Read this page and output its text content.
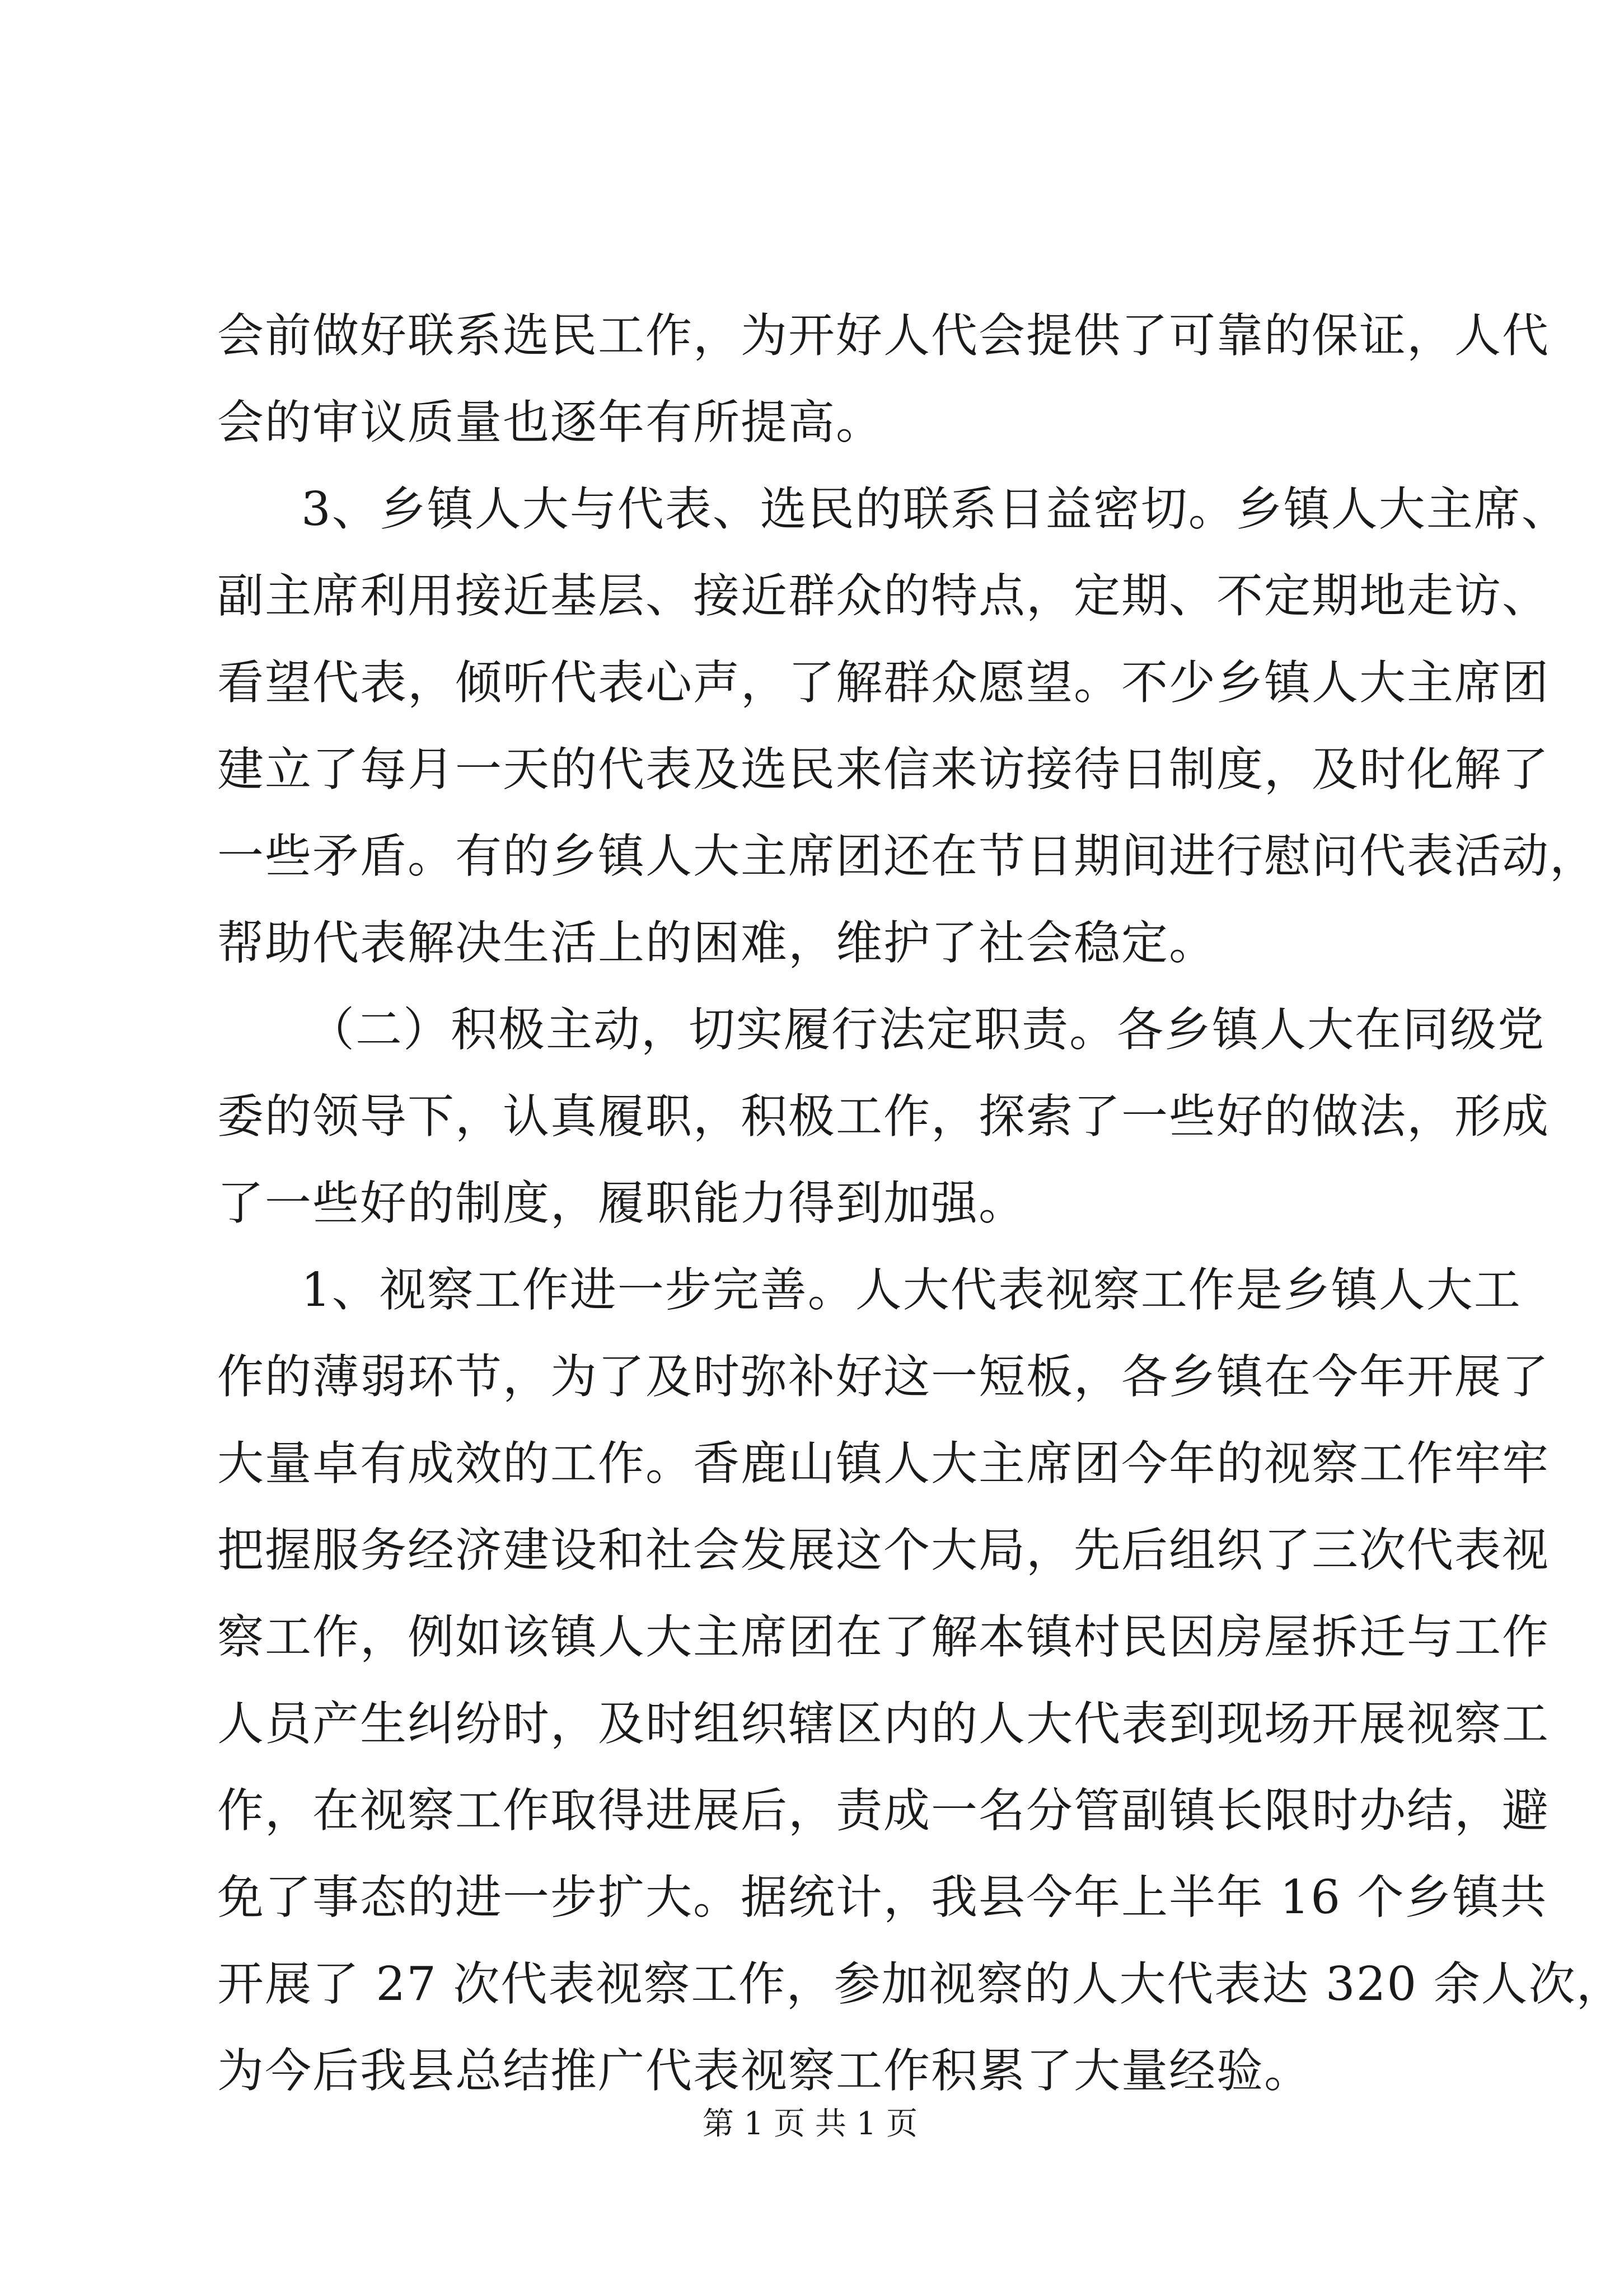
会前做好联系选民工作，为开好人代会提供了可靠的保证，人代
会的审议质量也逐年有所提高。
3、乡镇人大与代表、选民的联系日益密切。乡镇人大主席、
副主席利用接近基层、接近群众的特点，定期、不定期地走访、
看望代表，倾听代表心声，了解群众愿望。不少乡镇人大主席团
建立了每月一天的代表及选民来信来访接待日制度，及时化解了
一些矛盾。有的乡镇人大主席团还在节日期间进行慰问代表活动，
帮助代表解决生活上的困难，维护了社会稳定。
（二）积极主动，切实履行法定职责。各乡镇人大在同级党
委的领导下，认真履职，积极工作，探索了一些好的做法，形成
了一些好的制度，履职能力得到加强。
1、视察工作进一步完善。人大代表视察工作是乡镇人大工
作的薄弱环节，为了及时弥补好这一短板，各乡镇在今年开展了
大量卓有成效的工作。香鹿山镇人大主席团今年的视察工作牢牢
把握服务经济建设和社会发展这个大局，先后组织了三次代表视
察工作，例如该镇人大主席团在了解本镇村民因房屋拆迁与工作
人员产生纠纷时，及时组织辖区内的人大代表到现场开展视察工
作，在视察工作取得进展后，责成一名分管副镇长限时办结，避
免了事态的进一步扩大。据统计，我县今年上半年 16 个乡镇共
开展了 27 次代表视察工作，参加视察的人大代表达 320 余人次，
为今后我县总结推广代表视察工作积累了大量经验。
第 1 页 共 1 页
